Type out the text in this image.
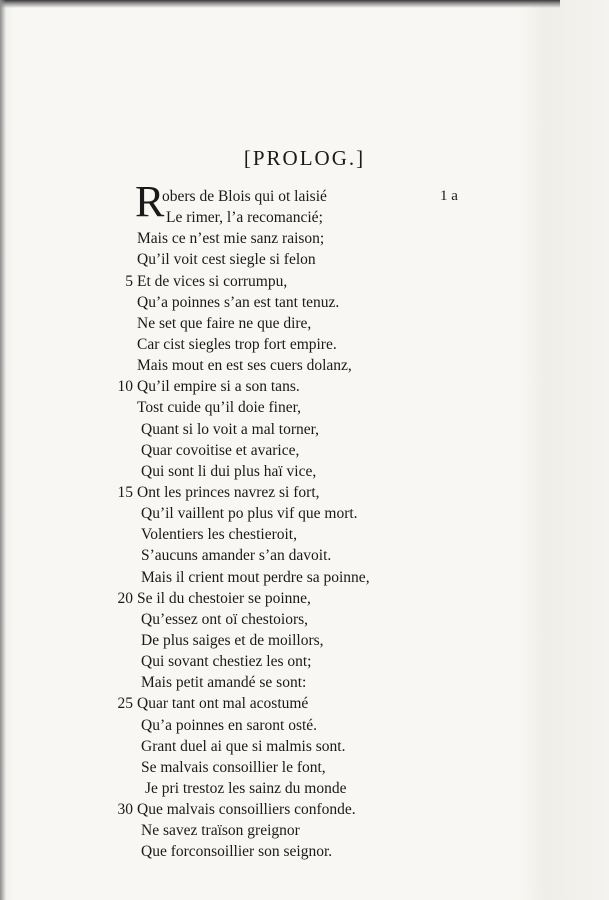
[PROLOG.]
1 a
R
obers de Blois qui ot laisié
Le rimer, l’a recomancié;
Mais ce n’est mie sanz raison;
Qu’il voit cest siegle si felon
5 Et de vices si corrumpu,
Qu’a poinnes s’an est tant tenuz.
Ne set que faire ne que dire,
Car cist siegles trop fort empire.
Mais mout en est ses cuers dolanz,
10 Qu’il empire si a son tans.
Tost cuide qu’il doie finer,
Quant si lo voit a mal torner,
Quar covoitise et avarice,
Qui sont li dui plus haï vice,
15 Ont les princes navrez si fort,
Qu’il vaillent po plus vif que mort.
Volentiers les chestieroit,
S’aucuns amander s’an davoit.
Mais il crient mout perdre sa poinne,
20 Se il du chestoier se poinne,
Qu’essez ont oï chestoiors,
De plus saiges et de moillors,
Qui sovant chestiez les ont;
Mais petit amandé se sont:
25 Quar tant ont mal acostumé
Qu’a poinnes en saront osté.
Grant duel ai que si malmis sont.
Se malvais consoillier le font,
Je pri trestoz les sainz du monde
30 Que malvais consoilliers confonde.
Ne savez traïson greignor
Que forconsoillier son seignor.
